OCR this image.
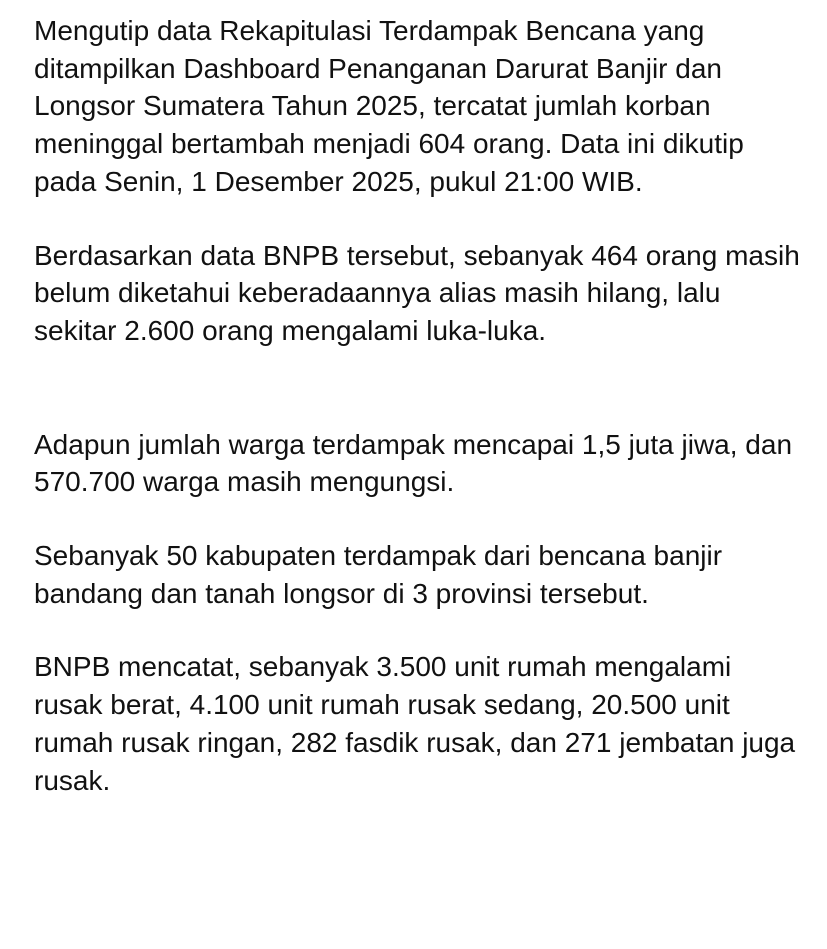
Mengutip data Rekapitulasi Terdampak Bencana yang ditampilkan Dashboard Penanganan Darurat Banjir dan Longsor Sumatera Tahun 2025, tercatat jumlah korban meninggal bertambah menjadi 604 orang. Data ini dikutip pada Senin, 1 Desember 2025, pukul 21:00 WIB.

Berdasarkan data BNPB tersebut, sebanyak 464 orang masih belum diketahui keberadaannya alias masih hilang, lalu sekitar 2.600 orang mengalami luka-luka.

Adapun jumlah warga terdampak mencapai 1,5 juta jiwa, dan 570.700 warga masih mengungsi.

Sebanyak 50 kabupaten terdampak dari bencana banjir bandang dan tanah longsor di 3 provinsi tersebut.

BNPB mencatat, sebanyak 3.500 unit rumah mengalami rusak berat, 4.100 unit rumah rusak sedang, 20.500 unit rumah rusak ringan, 282 fasdik rusak, dan 271 jembatan juga rusak.
